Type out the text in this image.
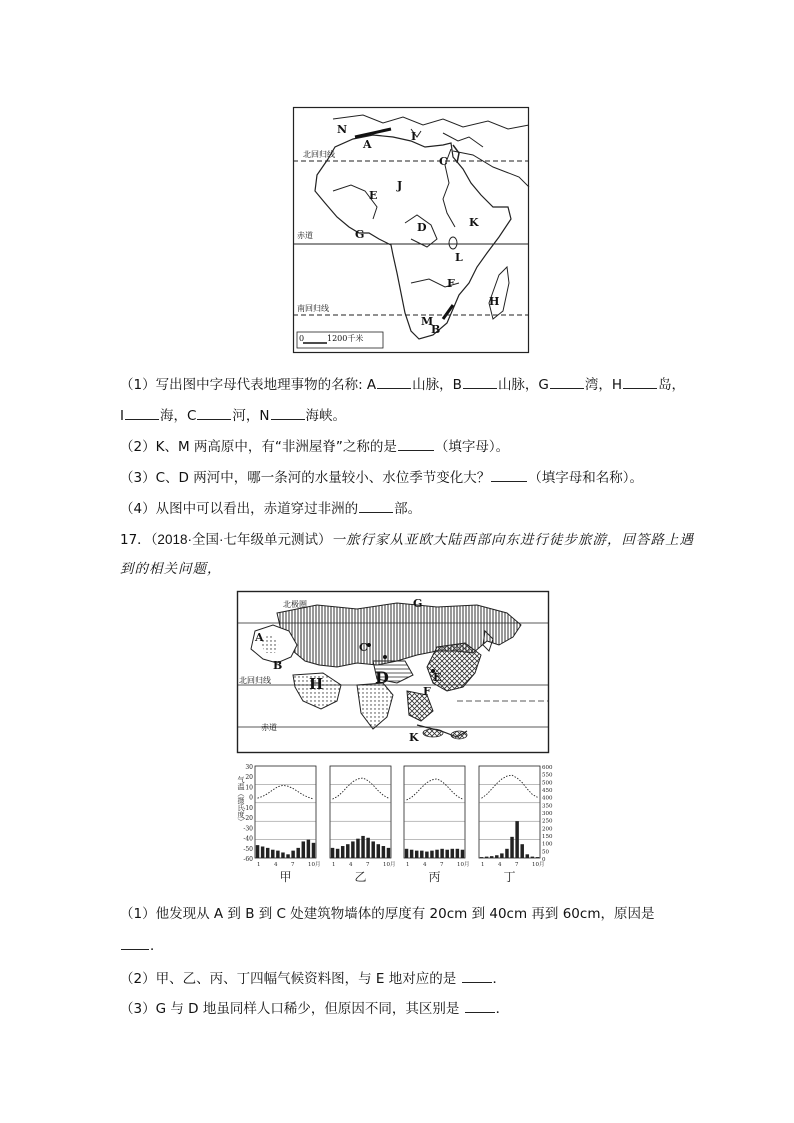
N
A
I
C
E
J
K
G
D
L
F
H
M
B
北回归线
赤道
南回归线
0	1200千米
（1）写出图中字母代表地理事物的名称: A	山脉，B	山脉，G	湾，H	岛，
I	海，C	河，N	海峡。
（2）K、M 两高原中，有“非洲屋脊”之称的是	（填字母）。
（3）C、D 两河中，哪一条河的水量较小、水位季节变化大？	（填字母和名称）。
（4）从图中可以看出，赤道穿过非洲的	部。
17．（2018·全国·七年级单元测试）一旅行家从亚欧大陆西部向东进行徒步旅游，回答路上遇
到的相关问题，
北极圈
北回归线
赤道
G
A
B
C
H	D	E
F
K
30
20
10
0
-10
-20
-30
-40
-50
-60
气温（摄氏度）
600
550
500
450
400
350
300
250
200
150
100
50
0
1 4 7 10月
甲
1 4 7 10月
乙
1 4 7 10月
丙
1 4 7 10月
丁
（1）他发现从 A 到 B 到 C 处建筑物墙体的厚度有 20cm 到 40cm 再到 60cm，原因是
．
（2）甲、乙、丙、丁四幅气候资料图，与 E 地对应的是	．
（3）G 与 D 地虽同样人口稀少，但原因不同，其区别是	．
